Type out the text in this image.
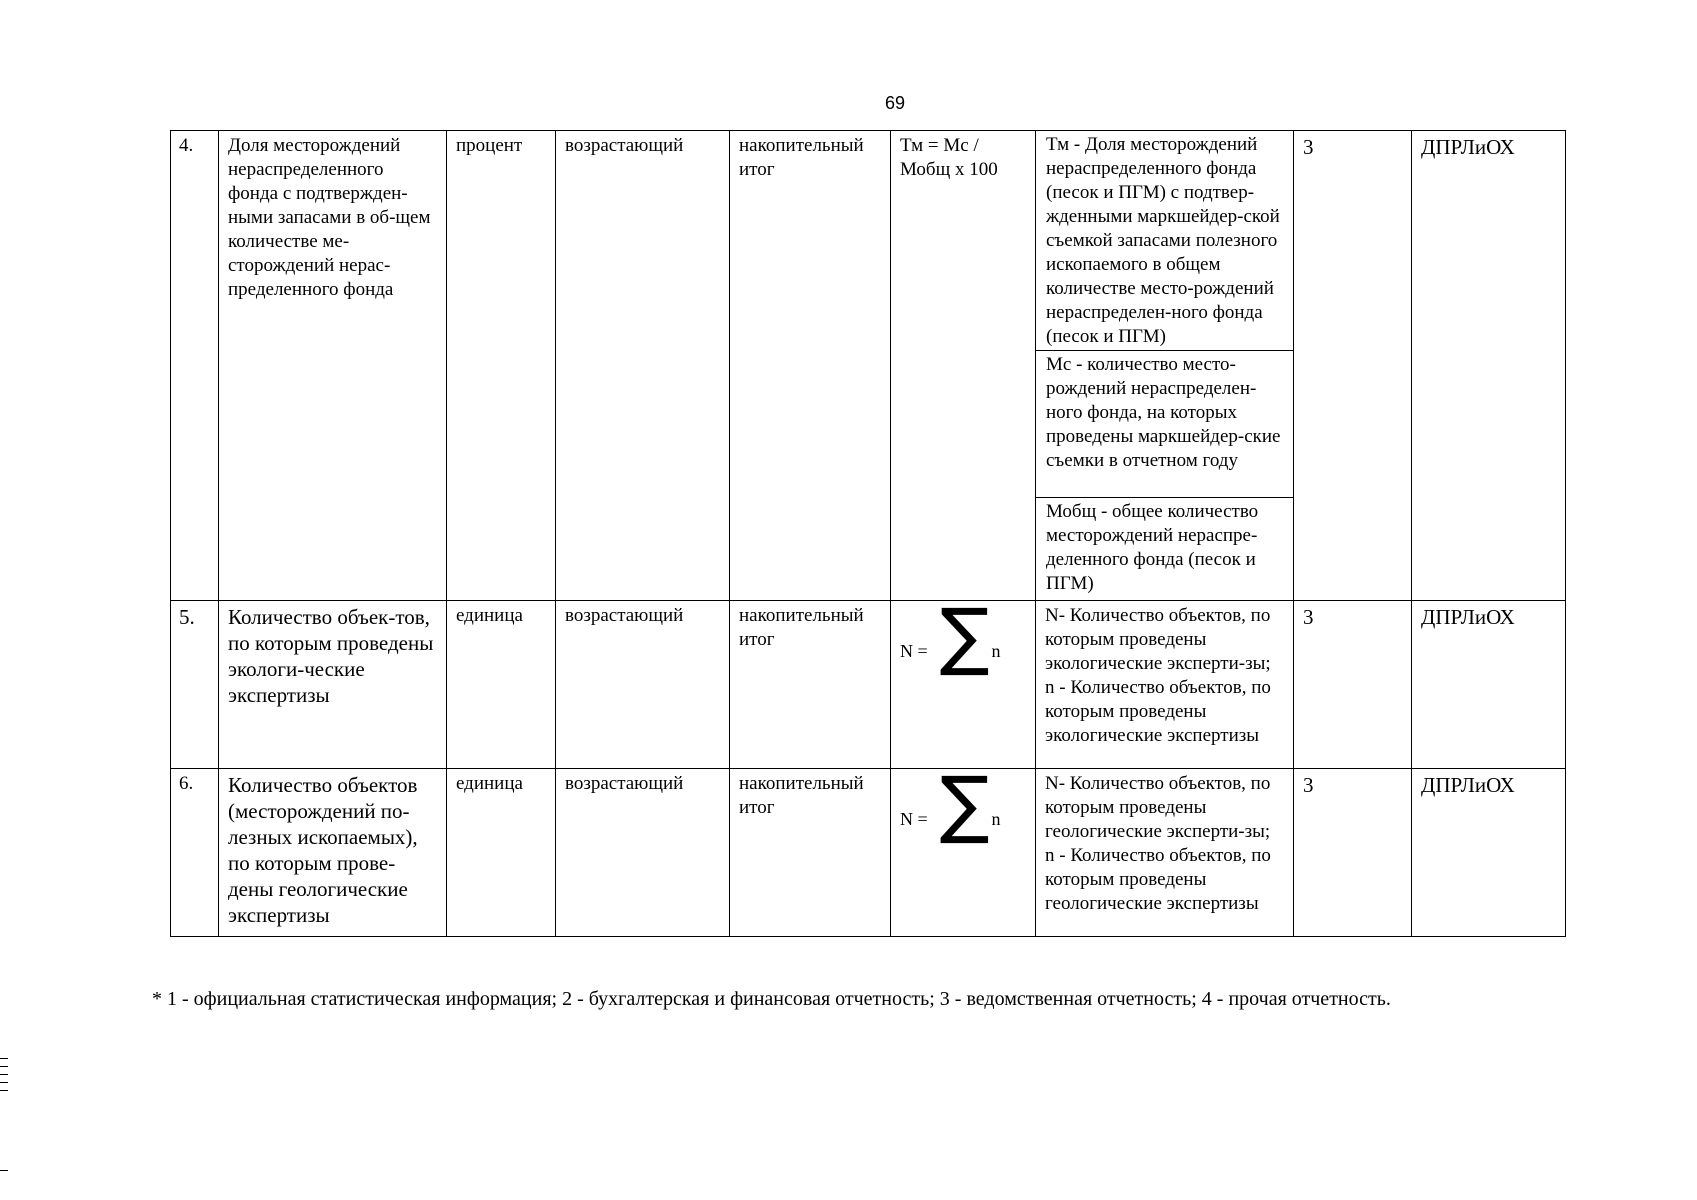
69
4.	Доля месторождений нераспределенного фонда с подтвержден-ными запасами в об-щем количестве ме-сторождений нерас-пределенного фонда	процент	возрастающий	накопительный итог	Тм = Мс / Мобщ х 100	Тм - Доля месторождений нераспределенного фонда (песок и ПГМ) с подтвер-жденными маркшейдер-ской съемкой запасами полезного ископаемого в общем количестве место-рождений нераспределен-ного фонда (песок и ПГМ)
Мс - количество место-рождений нераспределен-ного фонда, на которых проведены маркшейдер-ские съемки в отчетном году
Мобщ - общее количество месторождений нераспре-деленного фонда (песок и ПГМ)	3	ДПРЛиОХ
5.	Количество объек-тов, по которым проведены экологи-ческие экспертизы	единица	возрастающий	накопительный итог	N = ∑ n	N- Количество объектов, по которым проведены экологические эксперти-зы;
n - Количество объектов, по которым проведены экологические экспертизы	3	ДПРЛиОХ
6.	Количество объектов (месторождений по-лезных ископаемых), по которым прове-дены геологические экспертизы	единица	возрастающий	накопительный итог	N = ∑ n	N- Количество объектов, по которым проведены геологические эксперти-зы;
n - Количество объектов, по которым проведены геологические экспертизы	3	ДПРЛиОХ
* 1 - официальная статистическая информация; 2 - бухгалтерская и финансовая отчетность; 3 - ведомственная отчетность; 4 - прочая отчетность.
